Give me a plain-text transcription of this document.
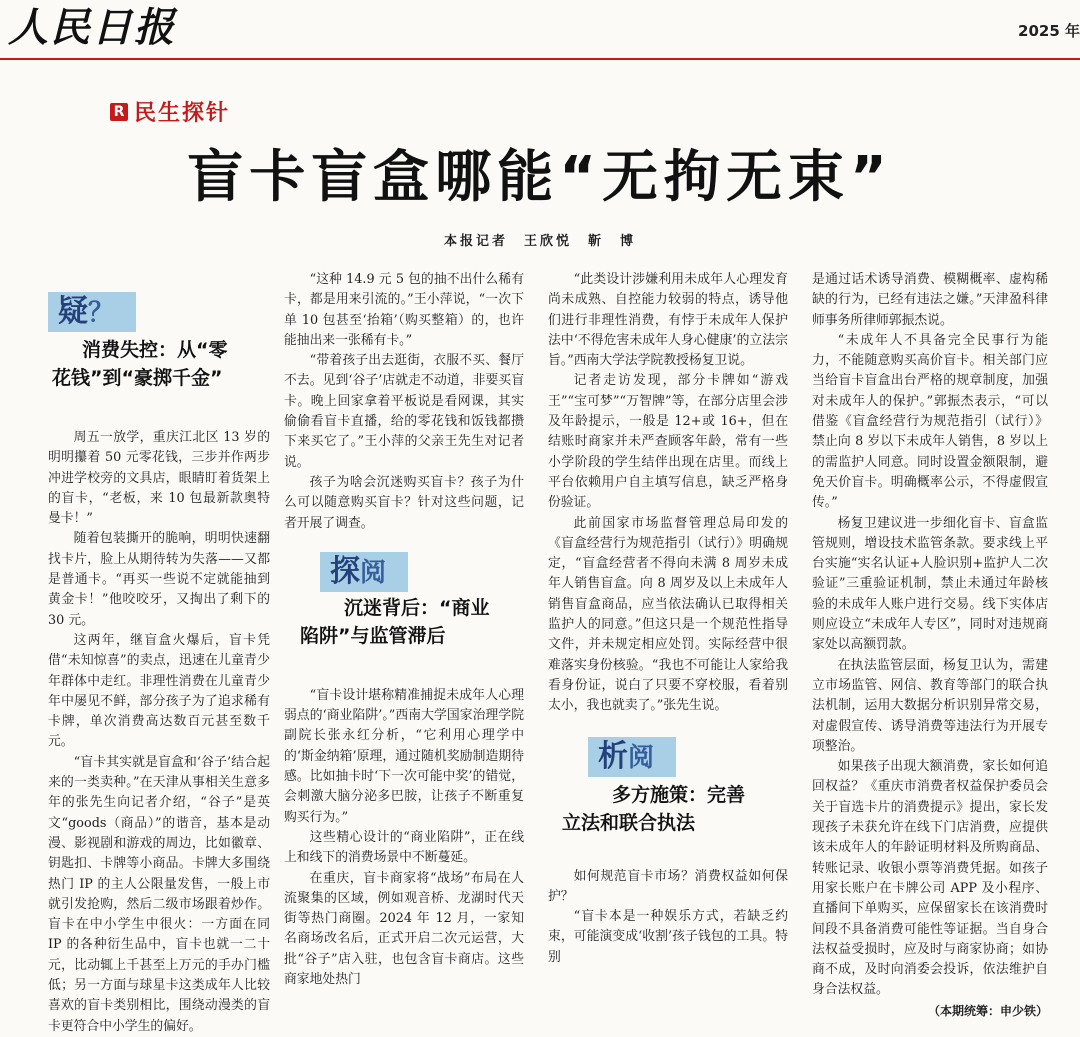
人民日报	2025 年
R 民生探针
盲卡盲盒哪能“无拘无束”
本报记者　王欣悦　靳　博
疑？
消费失控：从“零
花钱”到“豪掷千金”

周五一放学，重庆江北区 13 岁的明明攥着 50 元零花钱，三步并作两步冲进学校旁的文具店，眼睛盯着货架上的盲卡，“老板，来 10 包最新款奥特曼卡！”

随着包装撕开的脆响，明明快速翻找卡片，脸上从期待转为失落——又都是普通卡。“再买一些说不定就能抽到黄金卡！”他咬咬牙，又掏出了剩下的 30 元。

这两年，继盲盒火爆后，盲卡凭借“未知惊喜”的卖点，迅速在儿童青少年群体中走红。非理性消费在儿童青少年中屡见不鲜，部分孩子为了追求稀有卡牌，单次消费高达数百元甚至数千元。

“盲卡其实就是盲盒和‘谷子’结合起来的一类卖种。”在天津从事相关生意多年的张先生向记者介绍，“谷子”是英文“goods（商品）”的谐音，基本是动漫、影视剧和游戏的周边，比如徽章、钥匙扣、卡牌等小商品。卡牌大多围绕热门 IP 的主人公限量发售，一般上市就引发抢购，然后二级市场跟着炒作。盲卡在中小学生中很火：一方面在同 IP 的各种衍生品中，盲卡也就一二十元，比动辄上千甚至上万元的手办门槛低；另一方面与球星卡这类成年人比较喜欢的盲卡类别相比，围绕动漫类的盲卡更符合中小学生的偏好。

“这种 14.9 元 5 包的抽不出什么稀有卡，都是用来引流的。”王小萍说，“一次下单 10 包甚至‘抬箱’（购买整箱）的，也许能抽出来一张稀有卡。”

“带着孩子出去逛街，衣服不买、餐厅不去。见到‘谷子’店就走不动道，非要买盲卡。晚上回家拿着平板说是看网课，其实偷偷看盲卡直播，给的零花钱和饭钱都攒下来买它了。”王小萍的父亲王先生对记者说。

孩子为啥会沉迷购买盲卡？孩子为什么可以随意购买盲卡？针对这些问题，记者开展了调查。

探阅
沉迷背后：“商业
陷阱”与监管滞后

“盲卡设计堪称精准捕捉未成年人心理弱点的‘商业陷阱’。”西南大学国家治理学院副院长张永红分析，“它利用心理学中的‘斯金纳箱’原理，通过随机奖励制造期待感。比如抽卡时‘下一次可能中奖’的错觉，会刺激大脑分泌多巴胺，让孩子不断重复购买行为。”

这些精心设计的“商业陷阱”，正在线上和线下的消费场景中不断蔓延。

在重庆，盲卡商家将“战场”布局在人流聚集的区域，例如观音桥、龙湖时代天街等热门商圈。2024 年 12 月，一家知名商场改名后，正式开启二次元运营，大批“谷子”店入驻，也包含盲卡商店。这些商家地处热门

“此类设计涉嫌利用未成年人心理发育尚未成熟、自控能力较弱的特点，诱导他们进行非理性消费，有悖于未成年人保护法中‘不得危害未成年人身心健康’的立法宗旨。”西南大学法学院教授杨复卫说。

记者走访发现，部分卡牌如“游戏王”“宝可梦”“万智牌”等，在部分店里会涉及年龄提示，一般是 12+或 16+，但在结账时商家并未严查顾客年龄，常有一些小学阶段的学生结伴出现在店里。而线上平台依赖用户自主填写信息，缺乏严格身份验证。

此前国家市场监督管理总局印发的《盲盒经营行为规范指引（试行）》明确规定，“盲盒经营者不得向未满 8 周岁未成年人销售盲盒。向 8 周岁及以上未成年人销售盲盒商品，应当依法确认已取得相关监护人的同意。”但这只是一个规范性指导文件，并未规定相应处罚。实际经营中很难落实身份核验。“我也不可能让人家给我看身份证，说白了只要不穿校服，看着别太小，我也就卖了。”张先生说。

析阅
多方施策：完善
立法和联合执法

如何规范盲卡市场？消费权益如何保护？

“盲卡本是一种娱乐方式，若缺乏约束，可能演变成‘收割’孩子钱包的工具。特别

是通过话术诱导消费、模糊概率、虚构稀缺的行为，已经有违法之嫌。”天津盈科律师事务所律师郭振杰说。

“未成年人不具备完全民事行为能力，不能随意购买高价盲卡。相关部门应当给盲卡盲盒出台严格的规章制度，加强对未成年人的保护。”郭振杰表示，“可以借鉴《盲盒经营行为规范指引（试行）》禁止向 8 岁以下未成年人销售，8 岁以上的需监护人同意。同时设置金额限制，避免天价盲卡。明确概率公示，不得虚假宣传。”

杨复卫建议进一步细化盲卡、盲盒监管规则，增设技术监管条款。要求线上平台实施“实名认证+人脸识别+监护人二次验证”三重验证机制，禁止未通过年龄核验的未成年人账户进行交易。线下实体店则应设立“未成年人专区”，同时对违规商家处以高额罚款。

在执法监管层面，杨复卫认为，需建立市场监管、网信、教育等部门的联合执法机制，运用大数据分析识别异常交易，对虚假宣传、诱导消费等违法行为开展专项整治。

如果孩子出现大额消费，家长如何追回权益？《重庆市消费者权益保护委员会关于盲选卡片的消费提示》提出，家长发现孩子未获允许在线下门店消费，应提供该未成年人的年龄证明材料及所购商品、转账记录、收银小票等消费凭据。如孩子用家长账户在卡牌公司 APP 及小程序、直播间下单购买，应保留家长在该消费时间段不具备消费可能性等证据。当自身合法权益受损时，应及时与商家协商；如协商不成，及时向消委会投诉，依法维护自身合法权益。

（本期统筹：申少铁）
